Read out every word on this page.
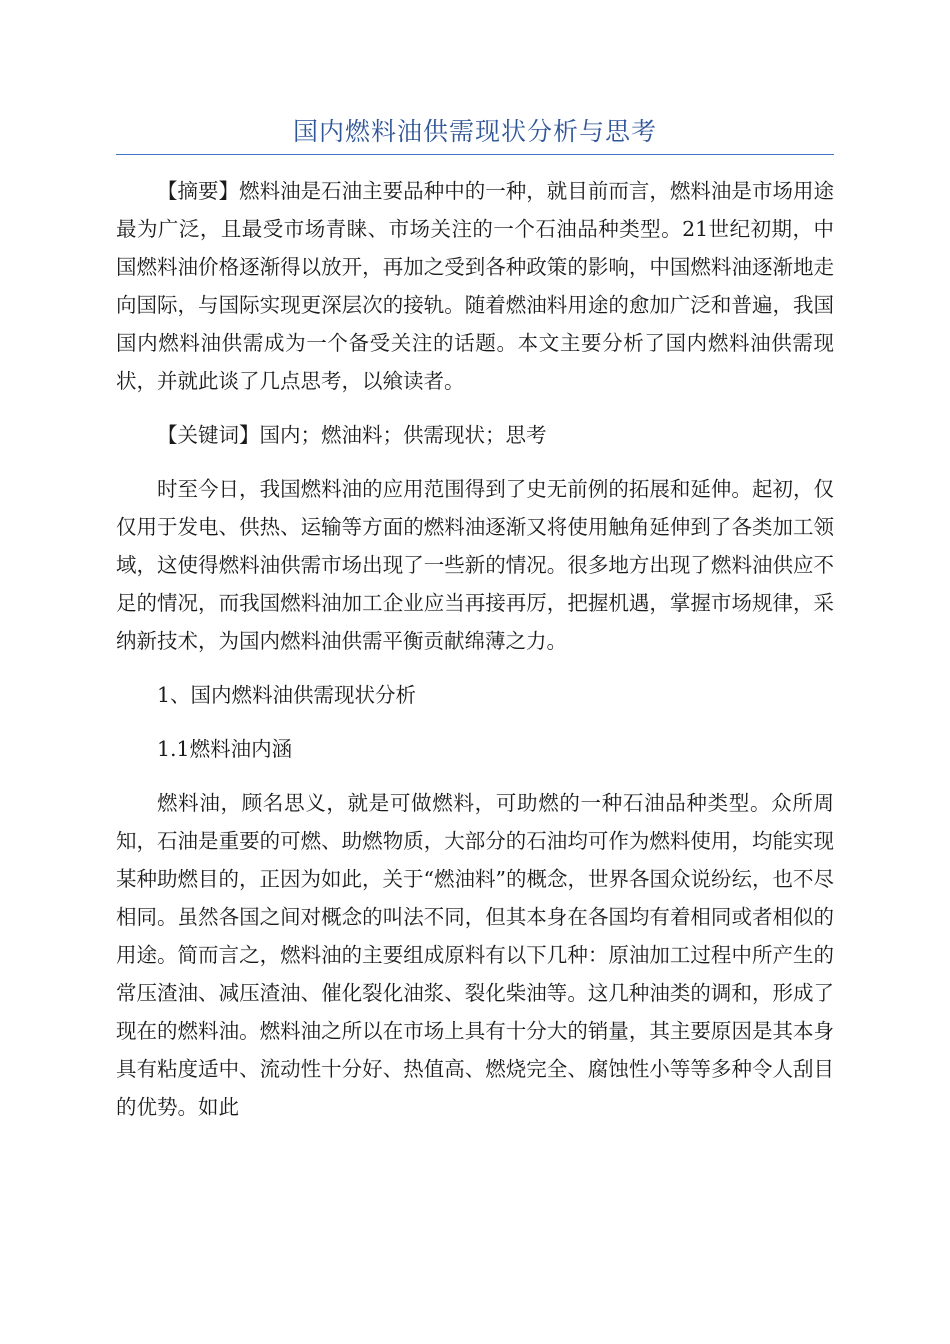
国内燃料油供需现状分析与思考

【摘要】燃料油是石油主要品种中的一种，就目前而言，燃料油是市场用途最为广泛，且最受市场青睐、市场关注的一个石油品种类型。21世纪初期，中国燃料油价格逐渐得以放开，再加之受到各种政策的影响，中国燃料油逐渐地走向国际，与国际实现更深层次的接轨。随着燃油料用途的愈加广泛和普遍，我国国内燃料油供需成为一个备受关注的话题。本文主要分析了国内燃料油供需现状，并就此谈了几点思考，以飨读者。

【关键词】国内；燃油料；供需现状；思考

时至今日，我国燃料油的应用范围得到了史无前例的拓展和延伸。起初，仅仅用于发电、供热、运输等方面的燃料油逐渐又将使用触角延伸到了各类加工领域，这使得燃料油供需市场出现了一些新的情况。很多地方出现了燃料油供应不足的情况，而我国燃料油加工企业应当再接再厉，把握机遇，掌握市场规律，采纳新技术，为国内燃料油供需平衡贡献绵薄之力。

1、国内燃料油供需现状分析

1.1燃料油内涵

燃料油，顾名思义，就是可做燃料，可助燃的一种石油品种类型。众所周知，石油是重要的可燃、助燃物质，大部分的石油均可作为燃料使用，均能实现某种助燃目的，正因为如此，关于“燃油料”的概念，世界各国众说纷纭，也不尽相同。虽然各国之间对概念的叫法不同，但其本身在各国均有着相同或者相似的用途。简而言之，燃料油的主要组成原料有以下几种：原油加工过程中所产生的常压渣油、减压渣油、催化裂化油浆、裂化柴油等。这几种油类的调和，形成了现在的燃料油。燃料油之所以在市场上具有十分大的销量，其主要原因是其本身具有粘度适中、流动性十分好、热值高、燃烧完全、腐蚀性小等等多种令人刮目的优势。如此
